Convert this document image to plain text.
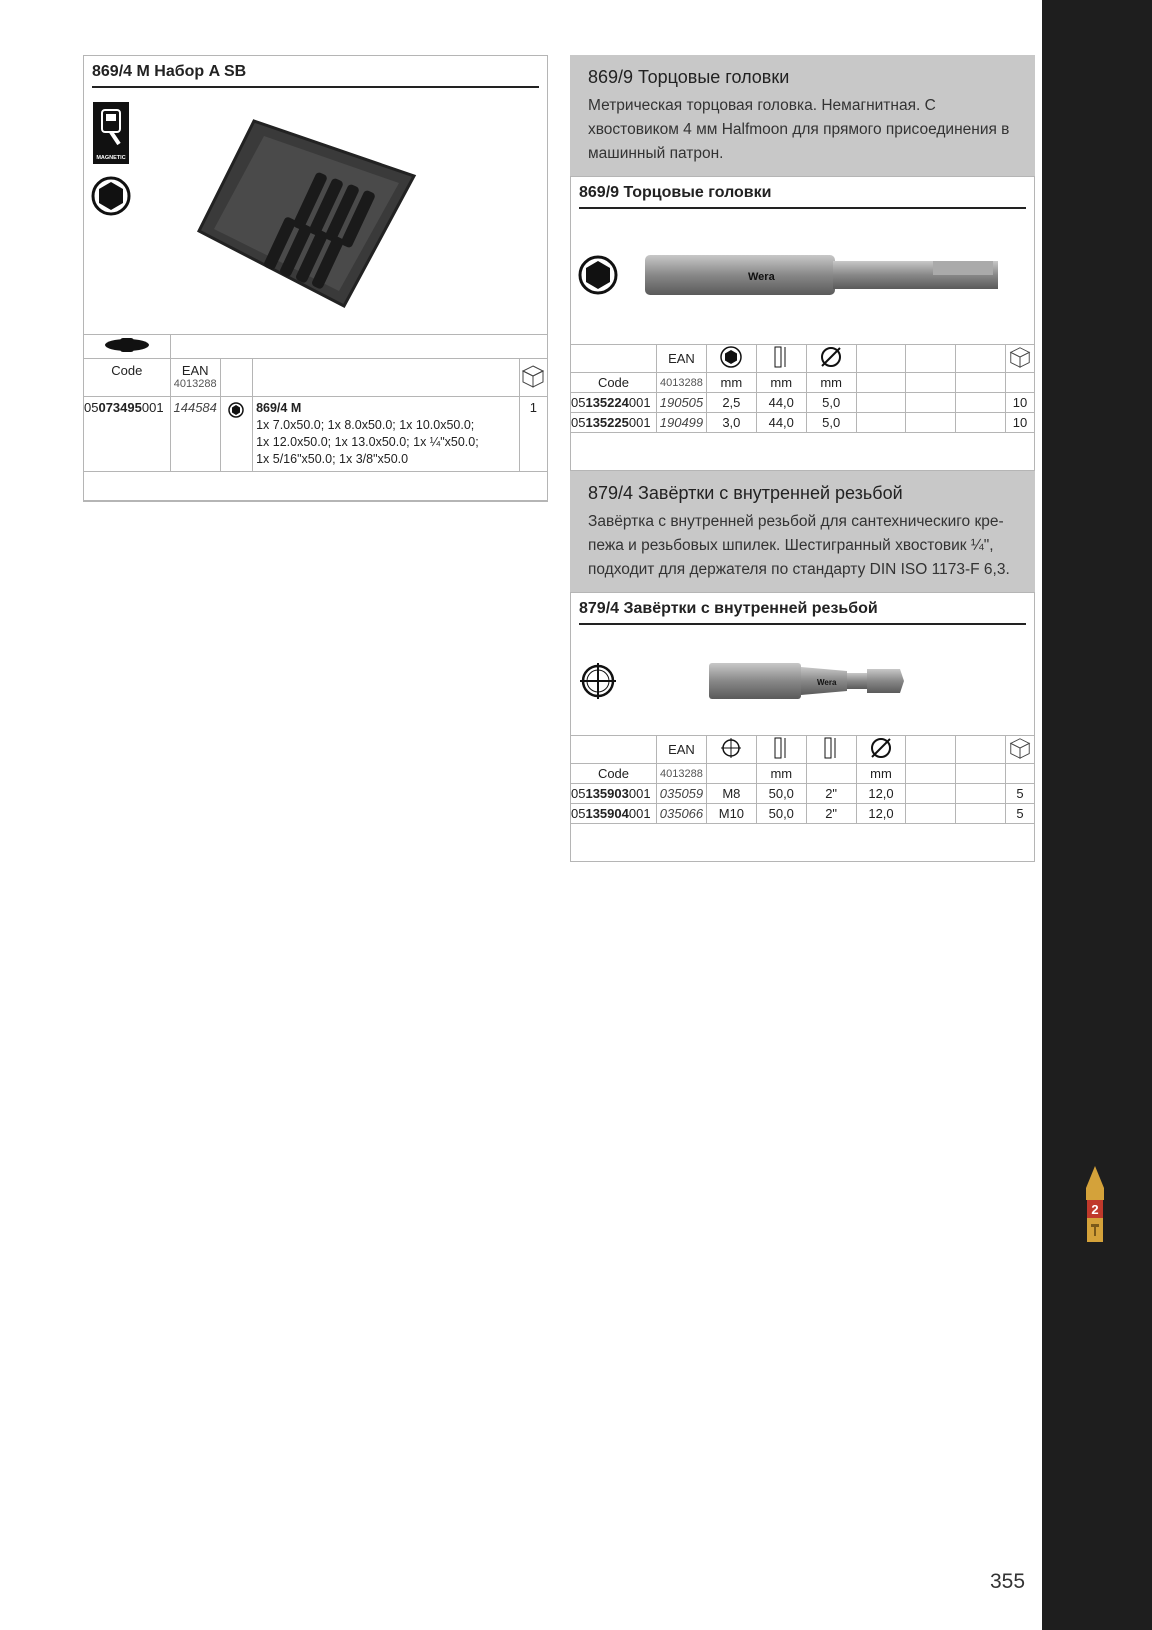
2
355
869/4 M Набор A SB
MAGNETIC

Code	EAN
4013288

05073495001	144584		869/4 M
1x 7.0x50.0; 1x 8.0x50.0; 1x 10.0x50.0;
1x 12.0x50.0; 1x 13.0x50.0; 1x ¼"x50.0;
1x 5/16"x50.0; 1x 3/8"x50.0	1

869/9 Торцовые головки
Метрическая торцовая головка. Немагнитная. С хвостовиком 4 мм Halfmoon для прямого присоединения в машинный патрон.
869/9 Торцовые головки
Wera
	EAN							
Code	4013288	mm	mm	mm				
05135224001	190505	2,5	44,0	5,0				10
05135225001	190499	3,0	44,0	5,0				10
879/4 Завёртки с внутренней резьбой
Завёртка с внутренней резьбой для сантехническиго кре-
пежа и резьбовых шпилек. Шестигранный хвостовик ¼",
подходит для держателя по стандарту DIN ISO 1173-F 6,3.
879/4 Завёртки с внутренней резьбой
Wera
	EAN							
Code	4013288		mm		mm			
05135903001	035059	M8	50,0	2"	12,0			5
05135904001	035066	M10	50,0	2"	12,0			5
